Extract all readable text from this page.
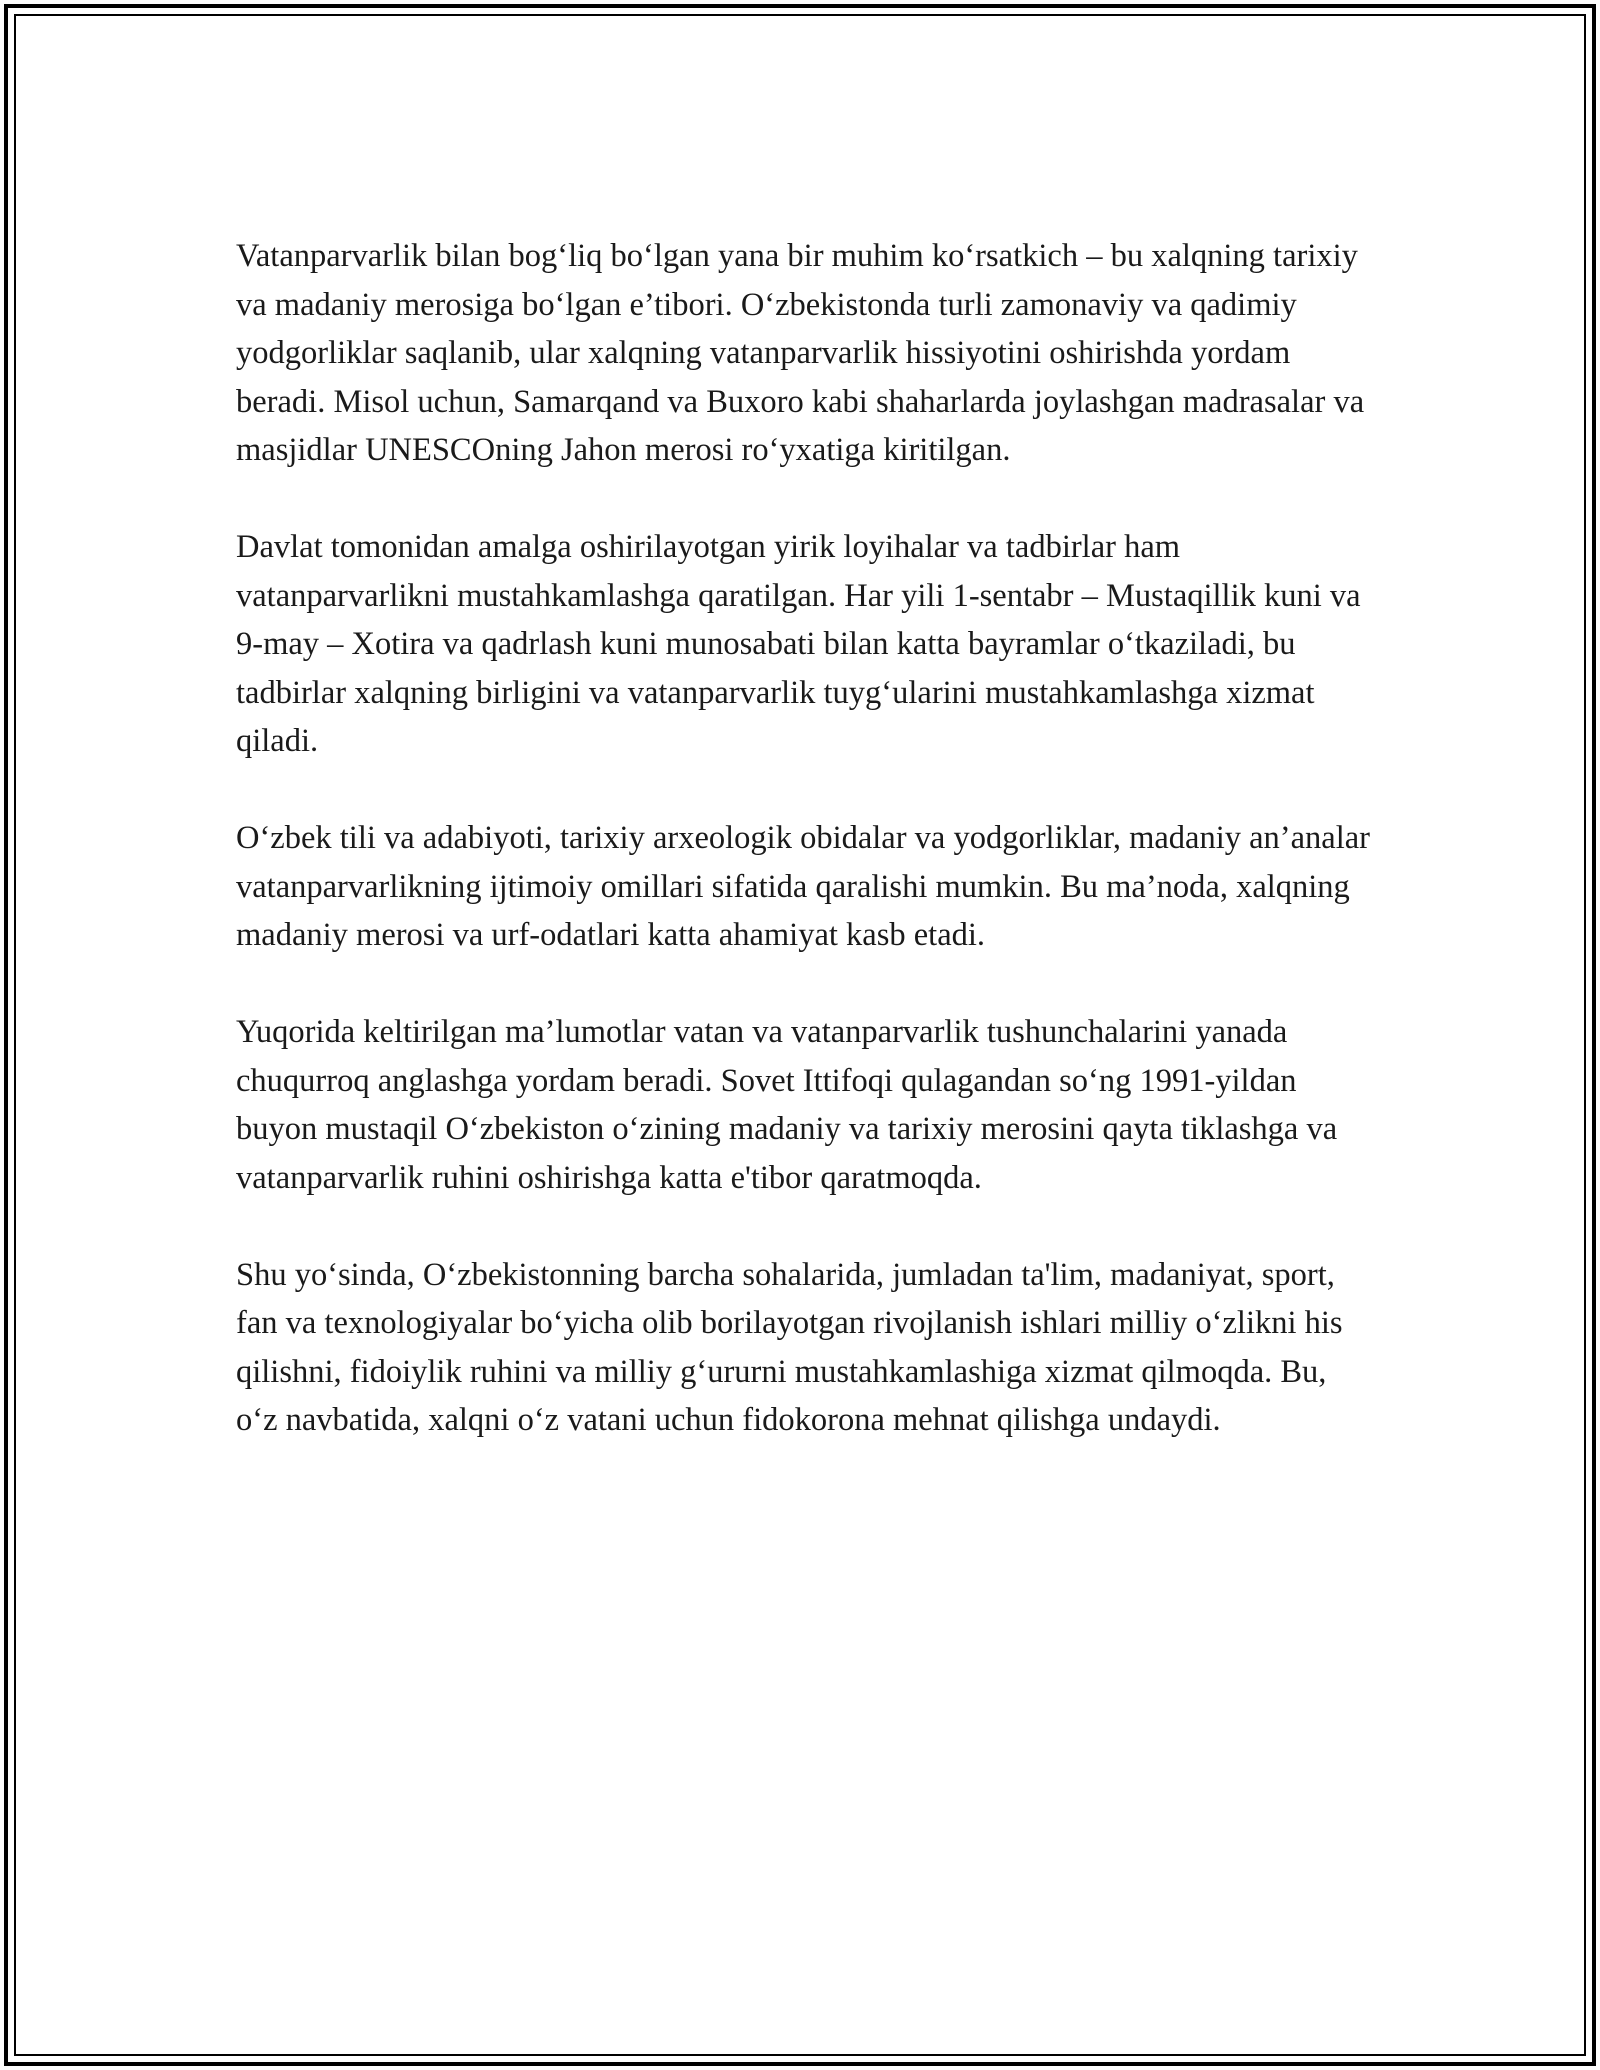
Vatanparvarlik bilan bog‘liq bo‘lgan yana bir muhim ko‘rsatkich – bu xalqning tarixiy va madaniy merosiga bo‘lgan e’tibori. O‘zbekistonda turli zamonaviy va qadimiy yodgorliklar saqlanib, ular xalqning vatanparvarlik hissiyotini oshirishda yordam beradi. Misol uchun, Samarqand va Buxoro kabi shaharlarda joylashgan madrasalar va masjidlar UNESCOning Jahon merosi ro‘yxatiga kiritilgan.

Davlat tomonidan amalga oshirilayotgan yirik loyihalar va tadbirlar ham vatanparvarlikni mustahkamlashga qaratilgan. Har yili 1-sentabr – Mustaqillik kuni va 9-may – Xotira va qadrlash kuni munosabati bilan katta bayramlar o‘tkaziladi, bu tadbirlar xalqning birligini va vatanparvarlik tuyg‘ularini mustahkamlashga xizmat qiladi.

O‘zbek tili va adabiyoti, tarixiy arxeologik obidalar va yodgorliklar, madaniy an’analar vatanparvarlikning ijtimoiy omillari sifatida qaralishi mumkin. Bu ma’noda, xalqning madaniy merosi va urf-odatlari katta ahamiyat kasb etadi.

Yuqorida keltirilgan ma’lumotlar vatan va vatanparvarlik tushunchalarini yanada chuqurroq anglashga yordam beradi. Sovet Ittifoqi qulagandan so‘ng 1991-yildan buyon mustaqil O‘zbekiston o‘zining madaniy va tarixiy merosini qayta tiklashga va vatanparvarlik ruhini oshirishga katta e'tibor qaratmoqda.

Shu yo‘sinda, O‘zbekistonning barcha sohalarida, jumladan ta'lim, madaniyat, sport, fan va texnologiyalar bo‘yicha olib borilayotgan rivojlanish ishlari milliy o‘zlikni his qilishni, fidoiylik ruhini va milliy g‘ururni mustahkamlashiga xizmat qilmoqda. Bu, o‘z navbatida, xalqni o‘z vatani uchun fidokorona mehnat qilishga undaydi.
